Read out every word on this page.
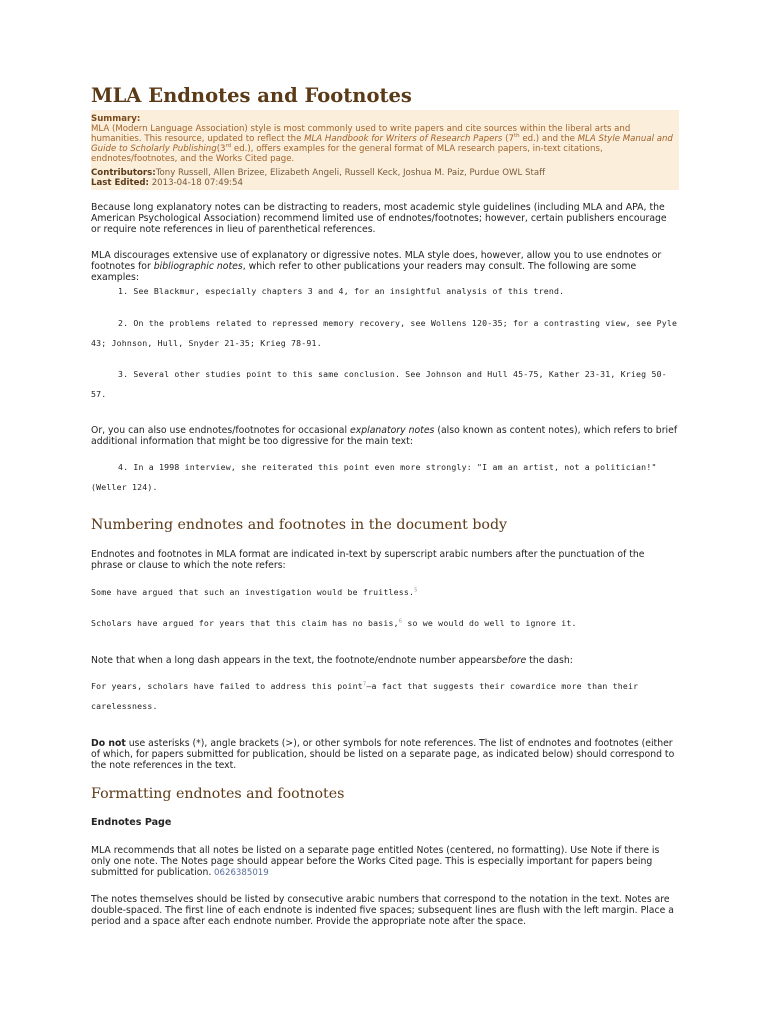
MLA Endnotes and Footnotes

Summary:

MLA (Modern Language Association) style is most commonly used to write papers and cite sources within the liberal arts and humanities. This resource, updated to reflect the MLA Handbook for Writers of Research Papers (7th ed.) and the MLA Style Manual and Guide to Scholarly Publishing(3rd ed.), offers examples for the general format of MLA research papers, in-text citations, endnotes/footnotes, and the Works Cited page.

Contributors:Tony Russell, Allen Brizee, Elizabeth Angeli, Russell Keck, Joshua M. Paiz, Purdue OWL Staff

Last Edited: 2013-04-18 07:49:54

Because long explanatory notes can be distracting to readers, most academic style guidelines (including MLA and APA, the American Psychological Association) recommend limited use of endnotes/footnotes; however, certain publishers encourage or require note references in lieu of parenthetical references.

MLA discourages extensive use of explanatory or digressive notes. MLA style does, however, allow you to use endnotes or footnotes for bibliographic notes, which refer to other publications your readers may consult. The following are some examples:

1. See Blackmur, especially chapters 3 and 4, for an insightful analysis of this trend.

2. On the problems related to repressed memory recovery, see Wollens 120-35; for a contrasting view, see Pyle 43; Johnson, Hull, Snyder 21-35; Krieg 78-91.

3. Several other studies point to this same conclusion. See Johnson and Hull 45-75, Kather 23-31, Krieg 50-57.

Or, you can also use endnotes/footnotes for occasional explanatory notes (also known as content notes), which refers to brief additional information that might be too digressive for the main text:

4. In a 1998 interview, she reiterated this point even more strongly: "I am an artist, not a politician!" (Weller 124).

Numbering endnotes and footnotes in the document body

Endnotes and footnotes in MLA format are indicated in-text by superscript arabic numbers after the punctuation of the phrase or clause to which the note refers:

Some have argued that such an investigation would be fruitless.$^5$

Scholars have argued for years that this claim has no basis,$^6$ so we would do well to ignore it.

Note that when a long dash appears in the text, the footnote/endnote number appearsbefore the dash:

For years, scholars have failed to address this point$^7$—a fact that suggests their cowardice more than their carelessness.

Do not use asterisks (*), angle brackets (>), or other symbols for note references. The list of endnotes and footnotes (either of which, for papers submitted for publication, should be listed on a separate page, as indicated below) should correspond to the note references in the text.

Formatting endnotes and footnotes
Endnotes Page

MLA recommends that all notes be listed on a separate page entitled Notes (centered, no formatting). Use Note if there is only one note. The Notes page should appear before the Works Cited page. This is especially important for papers being submitted for publication. 0626385019

The notes themselves should be listed by consecutive arabic numbers that correspond to the notation in the text. Notes are double-spaced. The first line of each endnote is indented five spaces; subsequent lines are flush with the left margin. Place a period and a space after each endnote number. Provide the appropriate note after the space.
